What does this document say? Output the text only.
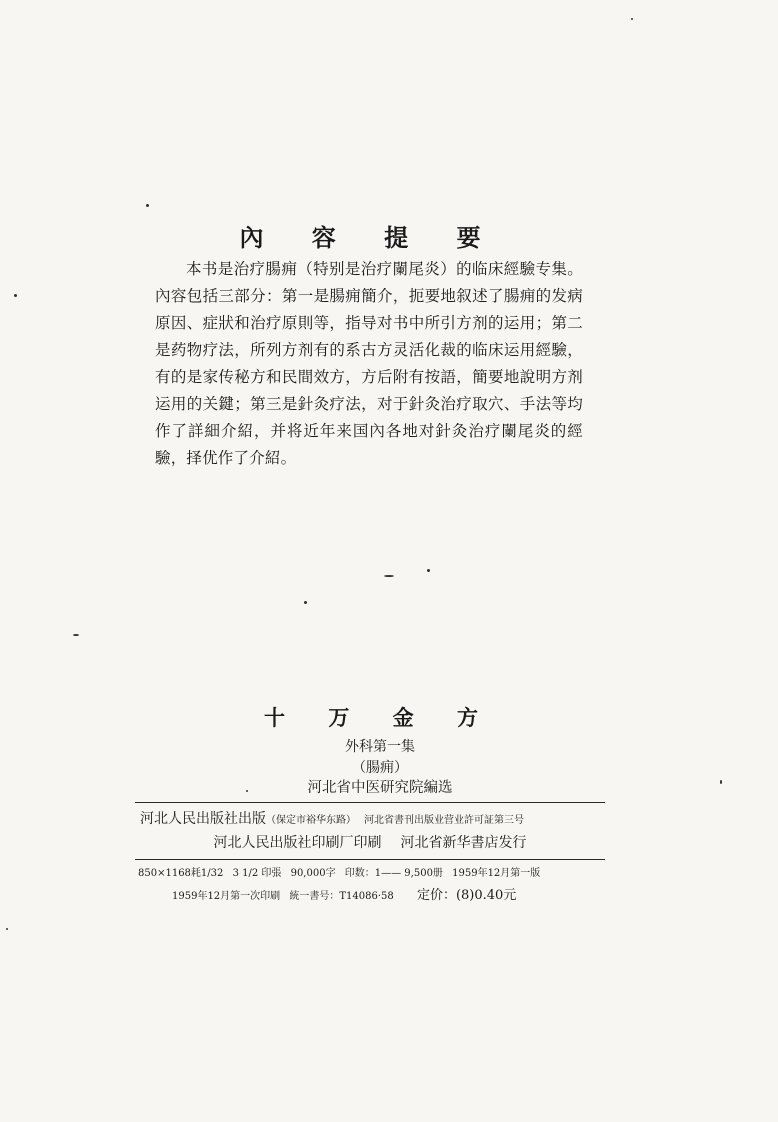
內 容 提 要
本书是治疗腸痈（特别是治疗闌尾炎）的临床經驗专集。內容包括三部分：第一是腸痈簡介，扼要地叙述了腸痈的发病原因、症狀和治疗原則等，指导对书中所引方剂的运用；第二是药物疗法，所列方剂有的系古方灵活化裁的临床运用經驗，有的是家传秘方和民間效方，方后附有按語，簡要地說明方剂运用的关鍵；第三是針灸疗法，对于針灸治疗取穴、手法等均作了詳細介紹，并将近年来国內各地对針灸治疗闌尾炎的經驗，择优作了介紹。
十 万 金 方
外科第一集
（腸痈）
河北省中医研究院編选
河北人民出版社出版（保定市裕华东路） 河北省書刊出版业营业許可証第三号
河北人民出版社印刷厂印刷 河北省新华書店发行
850×1168耗1/32 3 1/2 印張 90,000字 印数：1—— 9,500册 1959年12月第一版
1959年12月第一次印刷 統一書号：T14086·58 定价：(8)0.40元
